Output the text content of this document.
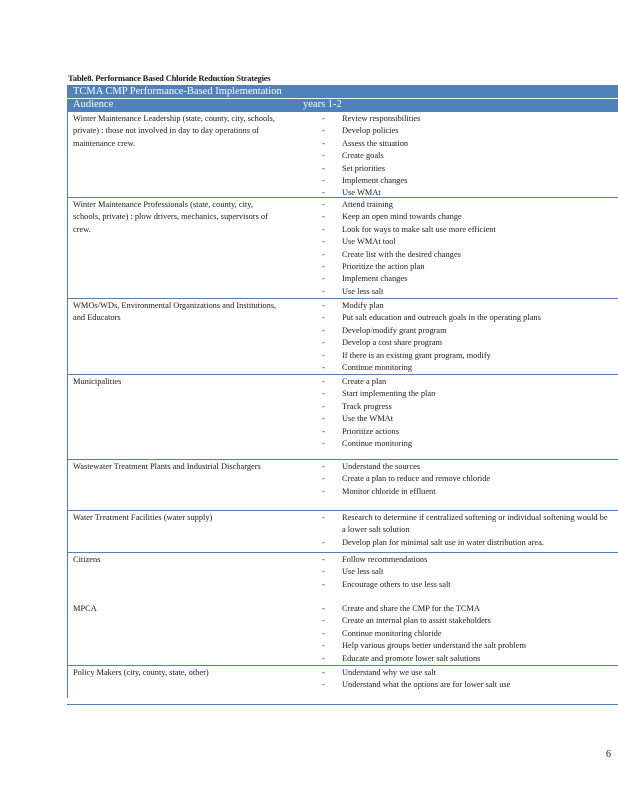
Table8. Performance Based Chloride Reduction Strategies
TCMA CMP Performance-Based Implementation
Audience	years 1-2
Winter Maintenance Leadership (state, county, city, schools, private) : those not involved in day to day operations of maintenance crew.
- Review responsibilities
- Develop policies
- Assess the situation
- Create goals
- Set priorities
- Implement changes
- Use WMAt
Winter Maintenance Professionals (state, county, city, schools, private) : plow drivers, mechanics, supervisors of crew.
- Attend training
- Keep an open mind towards change
- Look for ways to make salt use more efficient
- Use WMAt tool
- Create list with the desired changes
- Prioritize the action plan
- Implement changes
- Use less salt
WMOs/WDs, Environmental Organizations and Institutions, and Educators
- Modify plan
- Put salt education and outreach goals in the operating plans
- Develop/modify grant program
- Develop a cost share program
- If there is an existing grant program, modify
- Continue monitoring
Municipalities	- Create a plan
- Start implementing the plan
- Track progress
- Use the WMAt
- Prioritize actions
- Continue monitoring
Wastewater Treatment Plants and Industrial Dischargers	- Understand the sources
- Create a plan to reduce and remove chloride
- Monitor chloride in effluent
Water Treatment Facilities (water supply)	- Research to determine if centralized softening or individual softening would be a lower salt solution
- Develop plan for minimal salt use in water distribution area.
Citizens	- Follow recommendations
- Use less salt
- Encourage others to use less salt
MPCA	- Create and share the CMP for the TCMA
- Create an internal plan to assist stakeholders
- Continue monitoring chloride
- Help various groups better understand the salt problem
- Educate and promote lower salt solutions
Policy Makers (city, county, state, other)	- Understand why we use salt
- Understand what the options are for lower salt use
6
